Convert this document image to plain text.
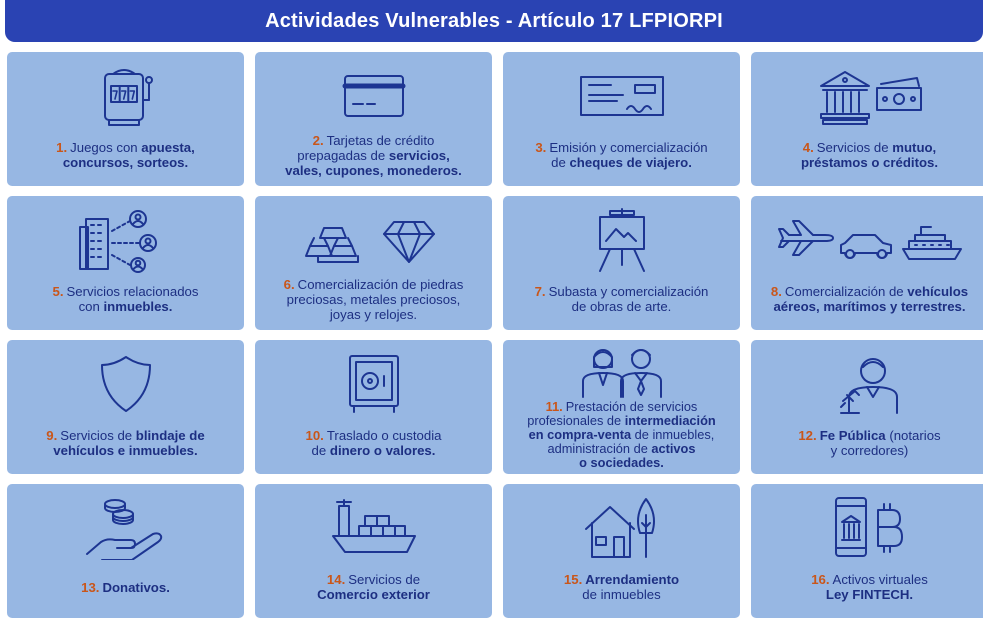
Actividades Vulnerables - Artículo 17 LFPIORPI
1. Juegos con apuesta,
concursos, sorteos.
2. Tarjetas de crédito
prepagadas de servicios,
vales, cupones, monederos.
3. Emisión y comercialización
de cheques de viajero.
4. Servicios de mutuo,
préstamos o créditos.
5. Servicios relacionados
con inmuebles.
6. Comercialización de piedras
preciosas, metales preciosos,
joyas y relojes.
7. Subasta y comercialización
de obras de arte.
8. Comercialización de vehículos
aéreos, marítimos y terrestres.
9. Servicios de blindaje de
vehículos e inmuebles.
10. Traslado o custodia
de dinero o valores.
11. Prestación de servicios
profesionales de intermediación
en compra-venta de inmuebles,
administración de activos
o sociedades.
12. Fe Pública (notarios
y corredores)
13. Donativos.	14. Servicios de
Comercio exterior
15. Arrendamiento
de inmuebles
16. Activos virtuales
Ley FINTECH.
